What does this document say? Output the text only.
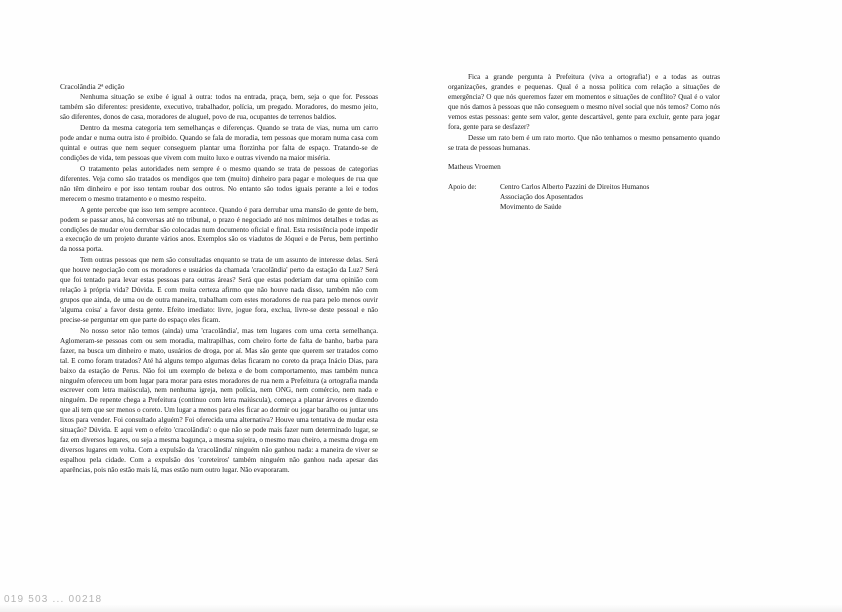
Cracolândia 2ª edição

Nenhuma situação se exibe é igual à outra: todos na entrada, praça, bem, seja o que for. Pessoas também são diferentes: presidente, executivo, trabalhador, polícia, um pregado. Moradores, do mesmo jeito, são diferentes, donos de casa, moradores de aluguel, povo de rua, ocupantes de terrenos baldios.

Dentro da mesma categoria tem semelhanças e diferenças. Quando se trata de vias, numa um carro pode andar e numa outra isto é proibido. Quando se fala de moradia, tem pessoas que moram numa casa com quintal e outras que nem sequer conseguem plantar uma florzinha por falta de espaço. Tratando-se de condições de vida, tem pessoas que vivem com muito luxo e outras vivendo na maior miséria.

O tratamento pelas autoridades nem sempre é o mesmo quando se trata de pessoas de categorias diferentes. Veja como são tratados os mendigos que tem (muito) dinheiro para pagar e moleques de rua que não têm dinheiro e por isso tentam roubar dos outros. No entanto são todos iguais perante a lei e todos merecem o mesmo tratamento e o mesmo respeito.

A gente percebe que isso tem sempre acontece. Quando é para derrubar uma mansão de gente de bem, podem se passar anos, há conversas até no tribunal, o prazo é negociado até nos mínimos detalhes e todas as condições de mudar e/ou derrubar são colocadas num documento oficial e final. Esta resistência pode impedir a execução de um projeto durante vários anos. Exemplos são os viadutos de Jóquei e de Perus, bem pertinho da nossa porta.

Tem outras pessoas que nem são consultadas enquanto se trata de um assunto de interesse delas. Será que houve negociação com os moradores e usuários da chamada 'cracolândia' perto da estação da Luz? Será que foi tentado para levar estas pessoas para outras áreas? Será que estas poderiam dar uma opinião com relação à própria vida? Dúvida. E com muita certeza afirmo que não houve nada disso, também não com grupos que ainda, de uma ou de outra maneira, trabalham com estes moradores de rua para pelo menos ouvir 'alguma coisa' a favor desta gente. Efeito imediato: livre, jogue fora, exclua, livre-se deste pessoal e não precise-se perguntar em que parte do espaço eles ficam.

No nosso setor não temos (ainda) uma 'cracolândia', mas tem lugares com uma certa semelhança. Aglomeram-se pessoas com ou sem moradia, maltrapilhas, com cheiro forte de falta de banho, barba para fazer, na busca um dinheiro e mato, usuários de droga, por aí. Mas são gente que querem ser tratados como tal. E como foram tratados? Até há alguns tempo algumas delas ficaram no coreto da praça Inácio Dias, para baixo da estação de Perus. Não foi um exemplo de beleza e de bom comportamento, mas também nunca ninguém ofereceu um bom lugar para morar para estes moradores de rua nem a Prefeitura (a ortografia manda escrever com letra maiúscula), nem nenhuma igreja, nem polícia, nem ONG, nem comércio, nem nada e ninguém. De repente chega a Prefeitura (continuo com letra maiúscula), começa a plantar árvores e dizendo que ali tem que ser menos o coreto. Um lugar a menos para eles ficar ao dormir ou jogar baralho ou juntar uns lixos para vender. Foi consultado alguém? Foi oferecida uma alternativa? Houve uma tentativa de mudar esta situação? Dúvida. E aqui vem o efeito 'cracolândia': o que não se pode mais fazer num determinado lugar, se faz em diversos lugares, ou seja a mesma bagunça, a mesma sujeira, o mesmo mau cheiro, a mesma droga em diversos lugares em volta. Com a expulsão da 'cracolândia' ninguém não ganhou nada: a maneira de viver se espalhou pela cidade. Com a expulsão dos 'coreteiros' também ninguém não ganhou nada apesar das aparências, pois não estão mais lá, mas estão num outro lugar. Não evaporaram.

Fica a grande pergunta à Prefeitura (viva a ortografia!) e a todas as outras organizações, grandes e pequenas. Qual é a nossa política com relação a situações de emergência? O que nós queremos fazer em momentos e situações de conflito? Qual é o valor que nós damos à pessoas que não conseguem o mesmo nível social que nós temos? Como nós vemos estas pessoas: gente sem valor, gente descartável, gente para excluir, gente para jogar fora, gente para se desfazer?

Desse um rato bem é um rato morto. Que não tenhamos o mesmo pensamento quando se trata de pessoas humanas.

Matheus Vroemen

Apoio de:	Centro Carlos Alberto Pazzini de Direitos Humanos
Associação dos Aposentados
Movimento de Saúde
019 503 ... 00218
